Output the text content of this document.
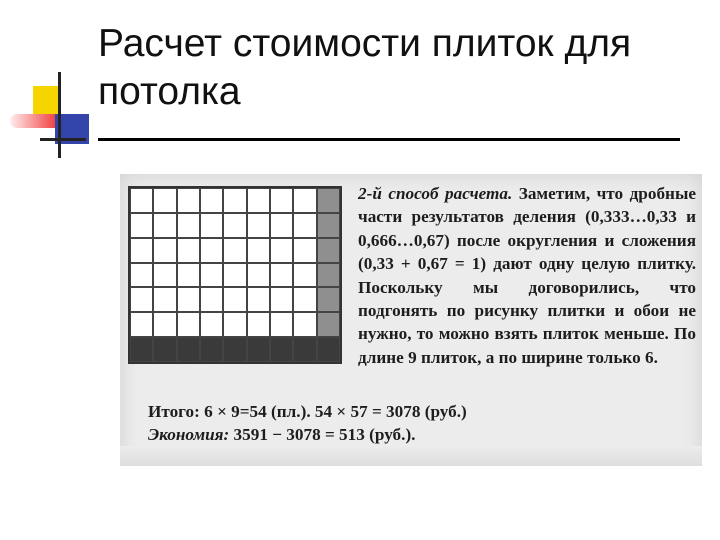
Расчет стоимости плиток для потолка
2-й способ расчета. Заметим, что дробные части результатов деления (0,333…0,33 и 0,666…0,67) после округления и сложения (0,33 + 0,67 = 1) дают одну целую плитку. Поскольку мы договорились, что подгонять по рисунку плитки и обои не нужно, то можно взять плиток меньше. По длине 9 плиток, а по ширине только 6.
Итого: 6 × 9=54 (пл.). 54 × 57 = 3078 (руб.)
Экономия: 3591 − 3078 = 513 (руб.).
